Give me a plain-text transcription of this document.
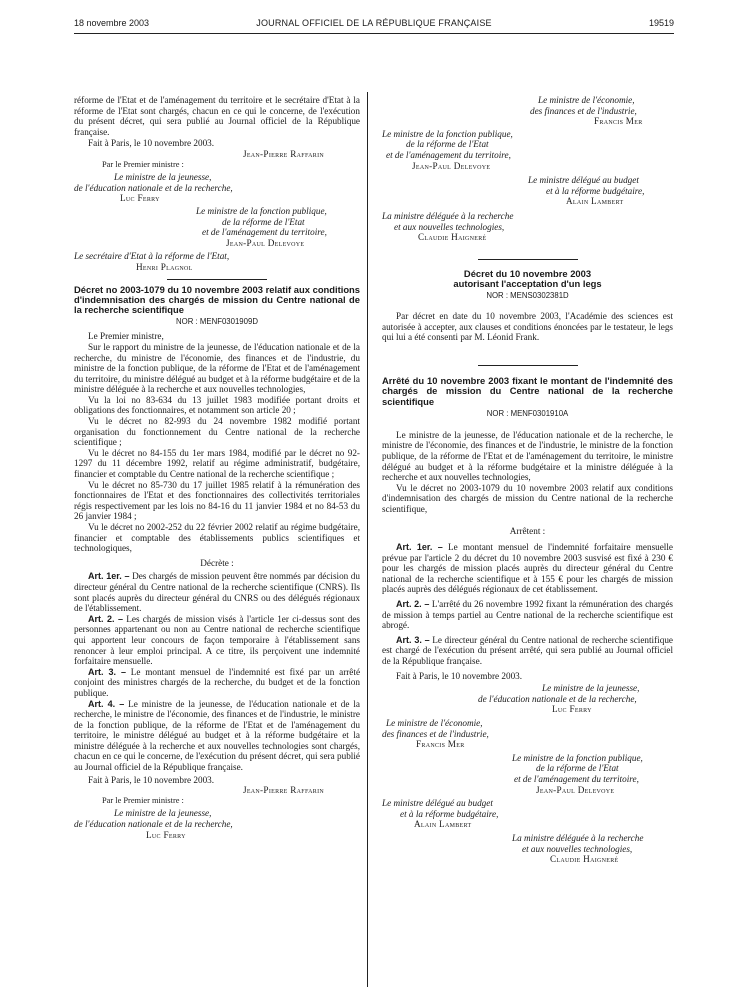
18 novembre 2003	JOURNAL OFFICIEL DE LA RÉPUBLIQUE FRANÇAISE	19519

réforme de l'Etat et de l'aménagement du territoire et le secrétaire d'Etat à la réforme de l'Etat sont chargés, chacun en ce qui le concerne, de l'exécution du présent décret, qui sera publié au Journal officiel de la République française.

Fait à Paris, le 10 novembre 2003.

Jean-Pierre Raffarin

Par le Premier ministre :

Le ministre de la jeunesse,

de l'éducation nationale et de la recherche,

Luc Ferry

Le ministre de la fonction publique,

de la réforme de l'Etat

et de l'aménagement du territoire,

Jean-Paul Delevoye

Le secrétaire d'Etat à la réforme de l'Etat,

Henri Plagnol

Décret no 2003-1079 du 10 novembre 2003 relatif aux conditions d'indemnisation des chargés de mission du Centre national de la recherche scientifique

NOR : MENF0301909D

Le Premier ministre,

Sur le rapport du ministre de la jeunesse, de l'éducation nationale et de la recherche, du ministre de l'économie, des finances et de l'industrie, du ministre de la fonction publique, de la réforme de l'Etat et de l'aménagement du territoire, du ministre délégué au budget et à la réforme budgétaire et de la ministre déléguée à la recherche et aux nouvelles technologies,

Vu la loi no 83-634 du 13 juillet 1983 modifiée portant droits et obligations des fonctionnaires, et notamment son article 20 ;

Vu le décret no 82-993 du 24 novembre 1982 modifié portant organisation du fonctionnement du Centre national de la recherche scientifique ;

Vu le décret no 84-155 du 1er mars 1984, modifié par le décret no 92-1297 du 11 décembre 1992, relatif au régime administratif, budgétaire, financier et comptable du Centre national de la recherche scientifique ;

Vu le décret no 85-730 du 17 juillet 1985 relatif à la rémunération des fonctionnaires de l'Etat et des fonctionnaires des collectivités territoriales régis respectivement par les lois no 84-16 du 11 janvier 1984 et no 84-53 du 26 janvier 1984 ;

Vu le décret no 2002-252 du 22 février 2002 relatif au régime budgétaire, financier et comptable des établissements publics scientifiques et technologiques,

Décrète :

Art. 1er. – Des chargés de mission peuvent être nommés par décision du directeur général du Centre national de la recherche scientifique (CNRS). Ils sont placés auprès du directeur général du CNRS ou des délégués régionaux de l'établissement.

Art. 2. – Les chargés de mission visés à l'article 1er ci-dessus sont des personnes appartenant ou non au Centre national de recherche scientifique qui apportent leur concours de façon temporaire à l'établissement sans renoncer à leur emploi principal. A ce titre, ils perçoivent une indemnité forfaitaire mensuelle.

Art. 3. – Le montant mensuel de l'indemnité est fixé par un arrêté conjoint des ministres chargés de la recherche, du budget et de la fonction publique.

Art. 4. – Le ministre de la jeunesse, de l'éducation nationale et de la recherche, le ministre de l'économie, des finances et de l'industrie, le ministre de la fonction publique, de la réforme de l'Etat et de l'aménagement du territoire, le ministre délégué au budget et à la réforme budgétaire et la ministre déléguée à la recherche et aux nouvelles technologies sont chargés, chacun en ce qui le concerne, de l'exécution du présent décret, qui sera publié au Journal officiel de la République française.

Fait à Paris, le 10 novembre 2003.

Jean-Pierre Raffarin

Par le Premier ministre :

Le ministre de la jeunesse,

de l'éducation nationale et de la recherche,

Luc Ferry

Le ministre de l'économie,

des finances et de l'industrie,

Francis Mer

Le ministre de la fonction publique,

de la réforme de l'Etat

et de l'aménagement du territoire,

Jean-Paul Delevoye

Le ministre délégué au budget

et à la réforme budgétaire,

Alain Lambert

La ministre déléguée à la recherche

et aux nouvelles technologies,

Claudie Haigneré

Décret du 10 novembre 2003

autorisant l'acceptation d'un legs

NOR : MENS0302381D

Par décret en date du 10 novembre 2003, l'Académie des sciences est autorisée à accepter, aux clauses et conditions énoncées par le testateur, le legs qui lui a été consenti par M. Léonid Frank.

Arrêté du 10 novembre 2003 fixant le montant de l'indemnité des chargés de mission du Centre national de la recherche scientifique

NOR : MENF0301910A

Le ministre de la jeunesse, de l'éducation nationale et de la recherche, le ministre de l'économie, des finances et de l'industrie, le ministre de la fonction publique, de la réforme de l'Etat et de l'aménagement du territoire, le ministre délégué au budget et à la réforme budgétaire et la ministre déléguée à la recherche et aux nouvelles technologies,

Vu le décret no 2003-1079 du 10 novembre 2003 relatif aux conditions d'indemnisation des chargés de mission du Centre national de la recherche scientifique,

Arrêtent :

Art. 1er. – Le montant mensuel de l'indemnité forfaitaire mensuelle prévue par l'article 2 du décret du 10 novembre 2003 susvisé est fixé à 230 € pour les chargés de mission placés auprès du directeur général du Centre national de la recherche scientifique et à 155 € pour les chargés de mission placés auprès des délégués régionaux de cet établissement.

Art. 2. – L'arrêté du 26 novembre 1992 fixant la rémunération des chargés de mission à temps partiel au Centre national de la recherche scientifique est abrogé.

Art. 3. – Le directeur général du Centre national de recherche scientifique est chargé de l'exécution du présent arrêté, qui sera publié au Journal officiel de la République française.

Fait à Paris, le 10 novembre 2003.

Le ministre de la jeunesse,

de l'éducation nationale et de la recherche,

Luc Ferry

Le ministre de l'économie,

des finances et de l'industrie,

Francis Mer

Le ministre de la fonction publique,

de la réforme de l'Etat

et de l'aménagement du territoire,

Jean-Paul Delevoye

Le ministre délégué au budget

et à la réforme budgétaire,

Alain Lambert

La ministre déléguée à la recherche

et aux nouvelles technologies,

Claudie Haigneré
